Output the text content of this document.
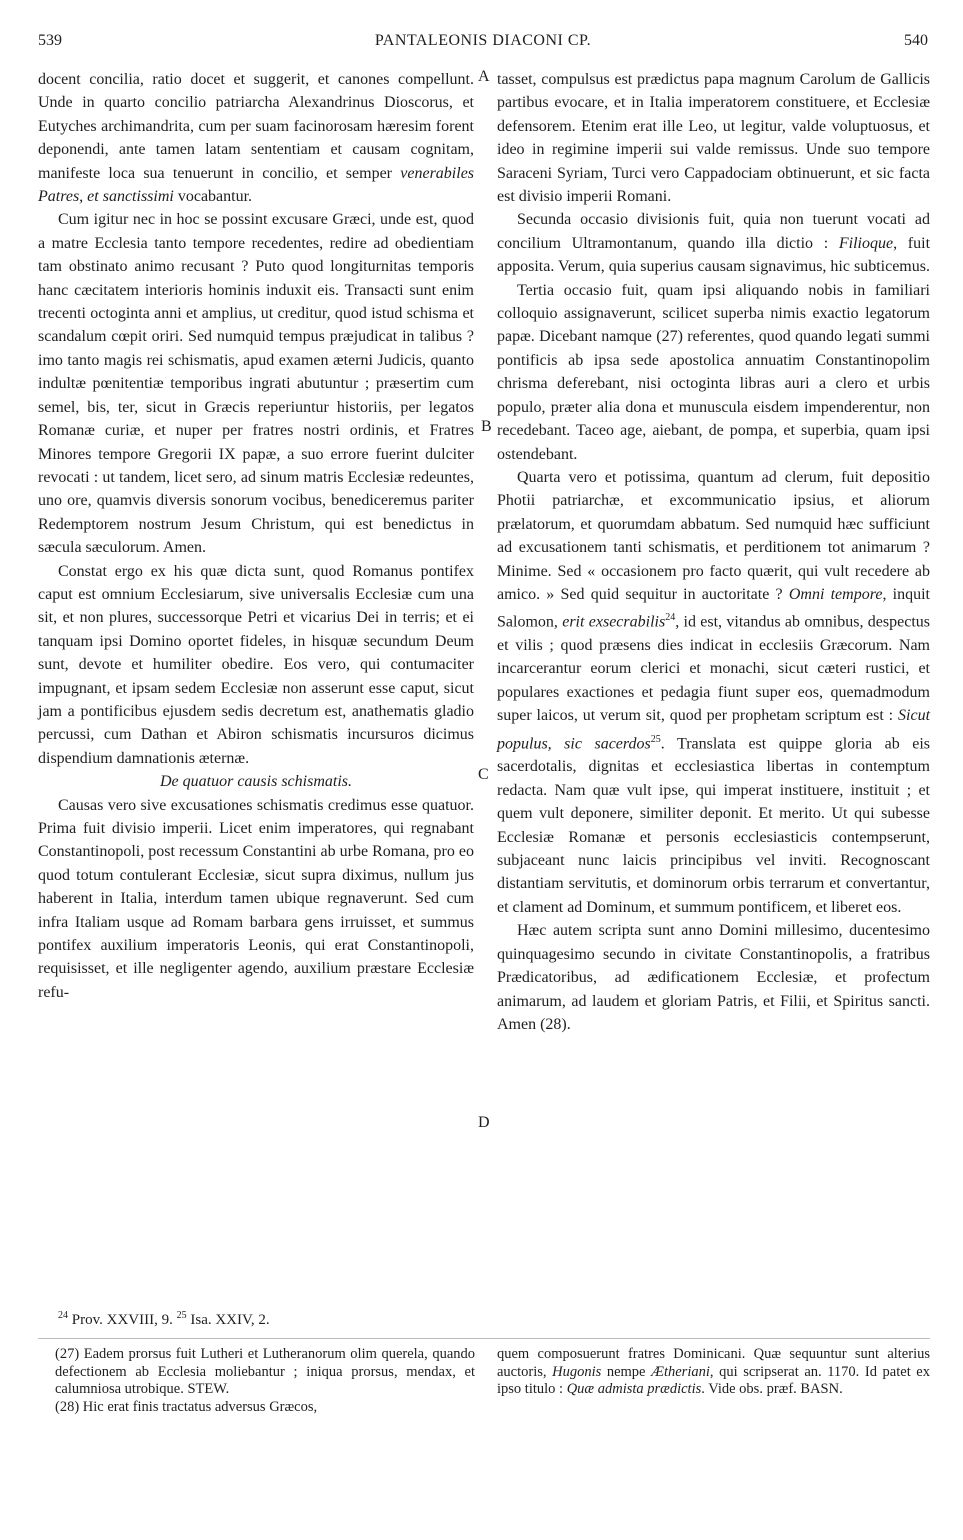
539	PANTALEONIS DIACONI CP.	540
A
B
C
D

docent concilia, ratio docet et suggerit, et canones compellunt. Unde in quarto concilio patriarcha Alexandrinus Dioscorus, et Eutyches archimandrita, cum per suam facinorosam hæresim forent deponendi, ante tamen latam sententiam et causam cognitam, manifeste loca sua tenuerunt in concilio, et semper venerabiles Patres, et sanctissimi vocabantur.

Cum igitur nec in hoc se possint excusare Græci, unde est, quod a matre Ecclesia tanto tempore recedentes, redire ad obedientiam tam obstinato animo recusant ? Puto quod longiturnitas temporis hanc cæcitatem interioris hominis induxit eis. Transacti sunt enim trecenti octoginta anni et amplius, ut creditur, quod istud schisma et scandalum cœpit oriri. Sed numquid tempus præjudicat in talibus ? imo tanto magis rei schismatis, apud examen æterni Judicis, quanto indultæ pœnitentiæ temporibus ingrati abutuntur ; præsertim cum semel, bis, ter, sicut in Græcis reperiuntur historiis, per legatos Romanæ curiæ, et nuper per fratres nostri ordinis, et Fratres Minores tempore Gregorii IX papæ, a suo errore fuerint dulciter revocati : ut tandem, licet sero, ad sinum matris Ecclesiæ redeuntes, uno ore, quamvis diversis sonorum vocibus, benediceremus pariter Redemptorem nostrum Jesum Christum, qui est benedictus in sæcula sæculorum. Amen.

Constat ergo ex his quæ dicta sunt, quod Romanus pontifex caput est omnium Ecclesiarum, sive universalis Ecclesiæ cum una sit, et non plures, successorque Petri et vicarius Dei in terris; et ei tanquam ipsi Domino oportet fideles, in hisquæ secundum Deum sunt, devote et humiliter obedire. Eos vero, qui contumaciter impugnant, et ipsam sedem Ecclesiæ non asserunt esse caput, sicut jam a pontificibus ejusdem sedis decretum est, anathematis gladio percussi, cum Dathan et Abiron schismatis incursuros dicimus dispendium damnationis æternæ.

De quatuor causis schismatis.

Causas vero sive excusationes schismatis credimus esse quatuor. Prima fuit divisio imperii. Licet enim imperatores, qui regnabant Constantinopoli, post recessum Constantini ab urbe Romana, pro eo quod totum contulerant Ecclesiæ, sicut supra diximus, nullum jus haberent in Italia, interdum tamen ubique regnaverunt. Sed cum infra Italiam usque ad Romam barbara gens irruisset, et summus pontifex auxilium imperatoris Leonis, qui erat Constantinopoli, requisisset, et ille negligenter agendo, auxilium præstare Ecclesiæ refu-

tasset, compulsus est prædictus papa magnum Carolum de Gallicis partibus evocare, et in Italia imperatorem constituere, et Ecclesiæ defensorem. Etenim erat ille Leo, ut legitur, valde voluptuosus, et ideo in regimine imperii sui valde remissus. Unde suo tempore Saraceni Syriam, Turci vero Cappadociam obtinuerunt, et sic facta est divisio imperii Romani.

Secunda occasio divisionis fuit, quia non tuerunt vocati ad concilium Ultramontanum, quando illa dictio : Filioque, fuit apposita. Verum, quia superius causam signavimus, hic subticemus.

Tertia occasio fuit, quam ipsi aliquando nobis in familiari colloquio assignaverunt, scilicet superba nimis exactio legatorum papæ. Dicebant namque (27) referentes, quod quando legati summi pontificis ab ipsa sede apostolica annuatim Constantinopolim chrisma deferebant, nisi octoginta libras auri a clero et urbis populo, præter alia dona et munuscula eisdem impenderentur, non recedebant. Taceo age, aiebant, de pompa, et superbia, quam ipsi ostendebant.

Quarta vero et potissima, quantum ad clerum, fuit depositio Photii patriarchæ, et excommunicatio ipsius, et aliorum prælatorum, et quorumdam abbatum. Sed numquid hæc sufficiunt ad excusationem tanti schismatis, et perditionem tot animarum ? Minime. Sed « occasionem pro facto quærit, qui vult recedere ab amico. » Sed quid sequitur in auctoritate ? Omni tempore, inquit Salomon, erit exsecrabilis$^{24}$, id est, vitandus ab omnibus, despectus et vilis ; quod præsens dies indicat in ecclesiis Græcorum. Nam incarcerantur eorum clerici et monachi, sicut cæteri rustici, et populares exactiones et pedagia fiunt super eos, quemadmodum super laicos, ut verum sit, quod per prophetam scriptum est : Sicut populus, sic sacerdos$^{25}$. Translata est quippe gloria ab eis sacerdotalis, dignitas et ecclesiastica libertas in contemptum redacta. Nam quæ vult ipse, qui imperat instituere, instituit ; et quem vult deponere, similiter deponit. Et merito. Ut qui subesse Ecclesiæ Romanæ et personis ecclesiasticis contempserunt, subjaceant nunc laicis principibus vel inviti. Recognoscant distantiam servitutis, et dominorum orbis terrarum et convertantur, et clament ad Dominum, et summum pontificem, et liberet eos.

Hæc autem scripta sunt anno Domini millesimo, ducentesimo quinquagesimo secundo in civitate Constantinopolis, a fratribus Prædicatoribus, ad ædificationem Ecclesiæ, et profectum animarum, ad laudem et gloriam Patris, et Filii, et Spiritus sancti. Amen (28).

$^{24}$ Prov. XXVIII, 9. $^{25}$ Isa. XXIV, 2.

(27) Eadem prorsus fuit Lutheri et Lutheranorum olim querela, quando defectionem ab Ecclesia moliebantur ; iniqua prorsus, mendax, et calumniosa utrobique. STEW.

(28) Hic erat finis tractatus adversus Græcos,

quem composuerunt fratres Dominicani. Quæ sequuntur sunt alterius auctoris, Hugonis nempe Ætheriani, qui scripserat an. 1170. Id patet ex ipso titulo : Quæ admista prædictis. Vide obs. præf. BASN.
